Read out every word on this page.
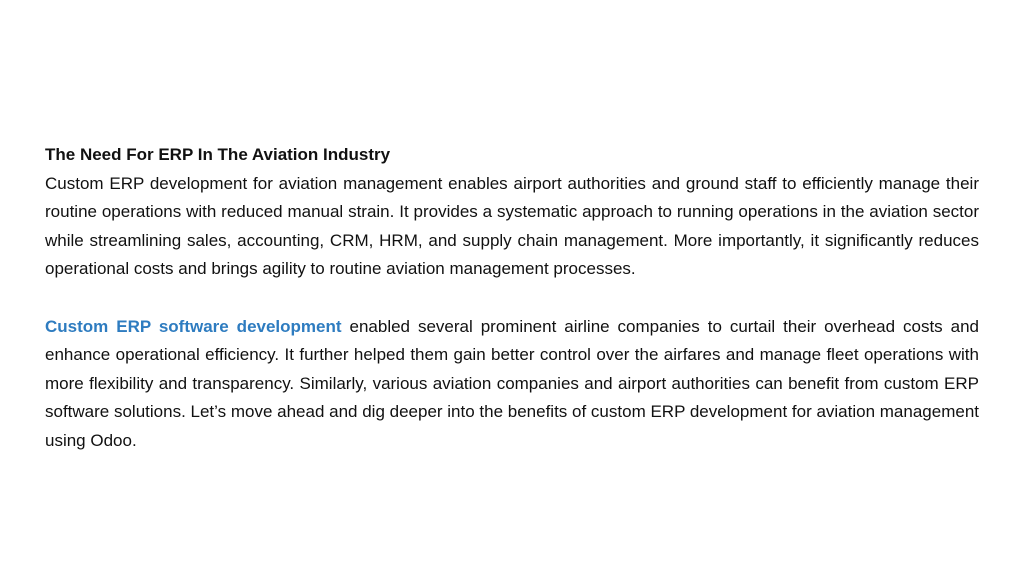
The Need For ERP In The Aviation Industry

Custom ERP development for aviation management enables airport authorities and ground staff to efficiently manage their routine operations with reduced manual strain. It provides a systematic approach to running operations in the aviation sector while streamlining sales, accounting, CRM, HRM, and supply chain management. More importantly, it significantly reduces operational costs and brings agility to routine aviation management processes.

Custom ERP software development enabled several prominent airline companies to curtail their overhead costs and enhance operational efficiency. It further helped them gain better control over the airfares and manage fleet operations with more flexibility and transparency. Similarly, various aviation companies and airport authorities can benefit from custom ERP software solutions. Let’s move ahead and dig deeper into the benefits of custom ERP development for aviation management using Odoo.
